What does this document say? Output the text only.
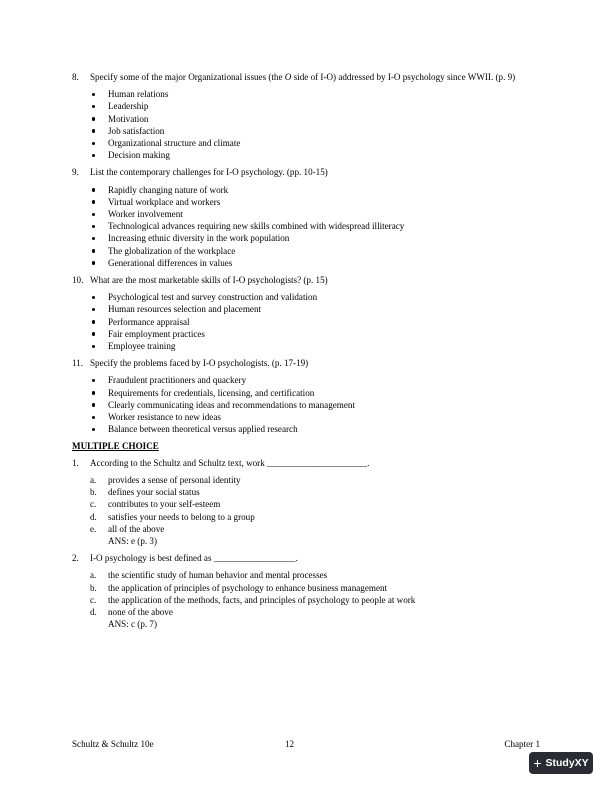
8.	Specify some of the major Organizational issues (the O side of I-O) addressed by I-O psychology since WWII. (p. 9)
Human relations
Leadership
Motivation
Job satisfaction
Organizational structure and climate
Decision making
9.	List the contemporary challenges for I-O psychology. (pp. 10-15)
Rapidly changing nature of work
Virtual workplace and workers
Worker involvement
Technological advances requiring new skills combined with widespread illiteracy
Increasing ethnic diversity in the work population
The globalization of the workplace
Generational differences in values
10. What are the most marketable skills of I-O psychologists? (p. 15)
Psychological test and survey construction and validation
Human resources selection and placement
Performance appraisal
Fair employment practices
Employee training
11. Specify the problems faced by I-O psychologists. (p. 17-19)
Fraudulent practitioners and quackery
Requirements for credentials, licensing, and certification
Clearly communicating ideas and recommendations to management
Worker resistance to new ideas
Balance between theoretical versus applied research
MULTIPLE CHOICE
1.	According to the Schultz and Schultz text, work ______________________.
a.	provides a sense of personal identity
b.	defines your social status
c.	contributes to your self-esteem
d.	satisfies your needs to belong to a group
e.	all of the above
ANS: e (p. 3)
2.	I-O psychology is best defined as __________________.
a.	the scientific study of human behavior and mental processes
b.	the application of principles of psychology to enhance business management
c.	the application of the methods, facts, and principles of psychology to people at work
d.	none of the above
ANS: c (p. 7)
Schultz & Schultz 10e	12	Chapter 1
+ StudyXY
